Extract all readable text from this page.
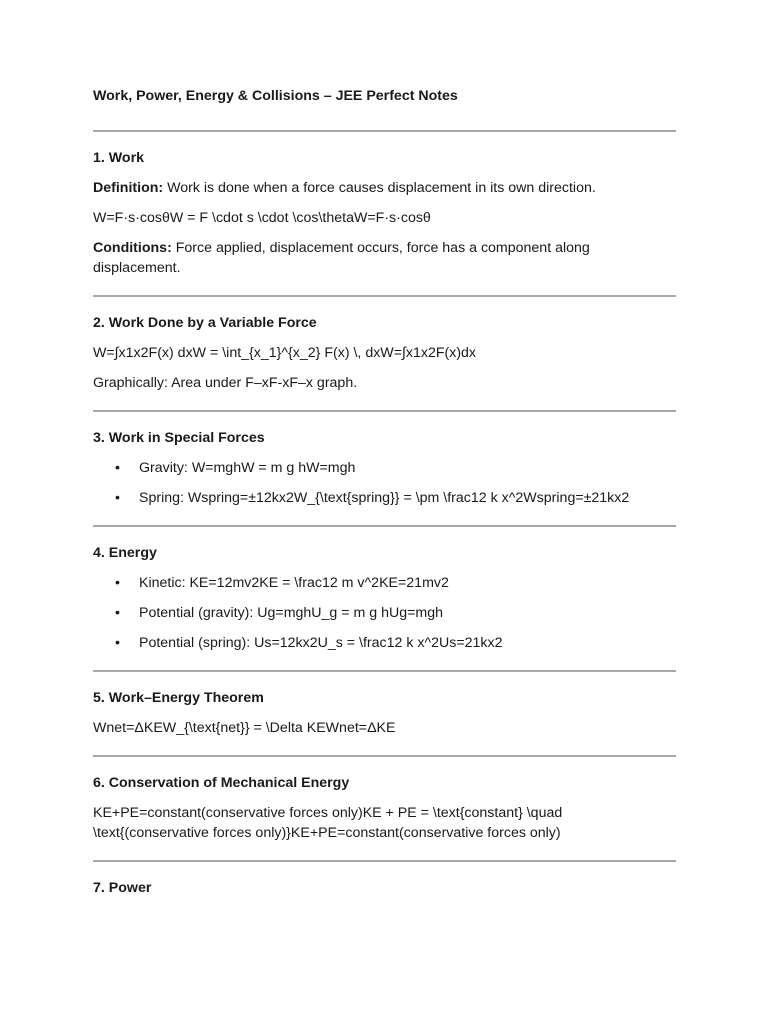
Work, Power, Energy & Collisions – JEE Perfect Notes
1. Work

Definition: Work is done when a force causes displacement in its own direction.

W=F·s·cos⁡θW = F \cdot s \cdot \cos\thetaW=F·s·cosθ

Conditions: Force applied, displacement occurs, force has a component along displacement.

2. Work Done by a Variable Force

W=∫x1x2F(x) dxW = \int_{x_1}^{x_2} F(x) \, dxW=∫x1x2F(x)dx

Graphically: Area under F–xF-xF–x graph.

3. Work in Special Forces
• Gravity: W=mghW = m g hW=mgh
• Spring: Wspring=±12kx2W_{\text{spring}} = \pm \frac12 k x^2Wspring=±21kx2
4. Energy
• Kinetic: KE=12mv2KE = \frac12 m v^2KE=21mv2
• Potential (gravity): Ug=mghU_g = m g hUg=mgh
• Potential (spring): Us=12kx2U_s = \frac12 k x^2Us=21kx2
5. Work–Energy Theorem

Wnet=ΔKEW_{\text{net}} = \Delta KEWnet=ΔKE

6. Conservation of Mechanical Energy

KE+PE=constant(conservative forces only)KE + PE = \text{constant} \quad \text{(conservative forces only)}KE+PE=constant(conservative forces only)

7. Power
